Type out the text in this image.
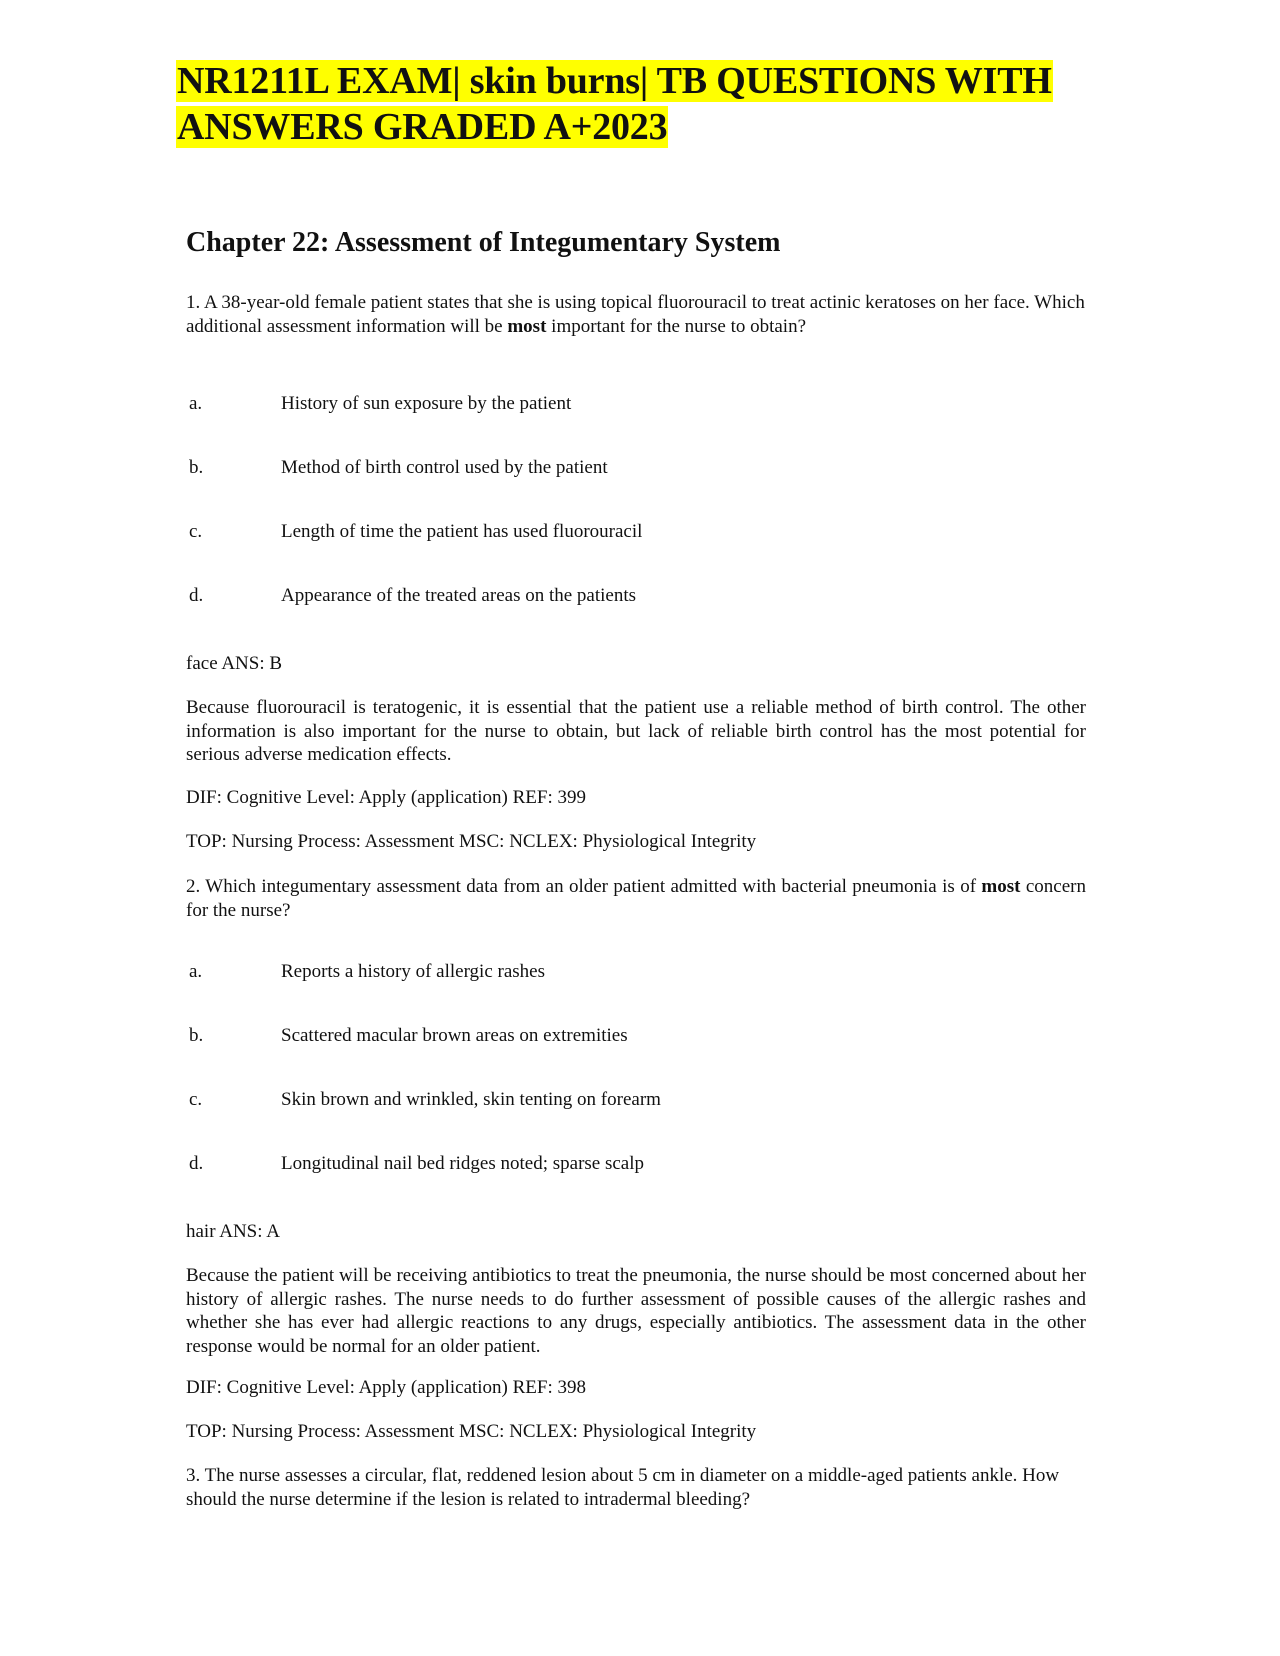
NR1211L EXAM| skin burns| TB QUESTIONS WITH
ANSWERS GRADED A+2023
Chapter 22: Assessment of Integumentary System

1. A 38-year-old female patient states that she is using topical fluorouracil to treat actinic keratoses on her face. Which additional assessment information will be most important for the nurse to obtain?

a.	History of sun exposure by the patient

b.	Method of birth control used by the patient

c.	Length of time the patient has used fluorouracil

d.	Appearance of the treated areas on the patients

face ANS: B

Because fluorouracil is teratogenic, it is essential that the patient use a reliable method of birth control. The other information is also important for the nurse to obtain, but lack of reliable birth control has the most potential for serious adverse medication effects.

DIF: Cognitive Level: Apply (application) REF: 399

TOP: Nursing Process: Assessment MSC: NCLEX: Physiological Integrity

2. Which integumentary assessment data from an older patient admitted with bacterial pneumonia is of most concern for the nurse?

a.	Reports a history of allergic rashes

b.	Scattered macular brown areas on extremities

c.	Skin brown and wrinkled, skin tenting on forearm

d.	Longitudinal nail bed ridges noted; sparse scalp

hair ANS: A

Because the patient will be receiving antibiotics to treat the pneumonia, the nurse should be most concerned about her history of allergic rashes. The nurse needs to do further assessment of possible causes of the allergic rashes and whether she has ever had allergic reactions to any drugs, especially antibiotics. The assessment data in the other response would be normal for an older patient.

DIF: Cognitive Level: Apply (application) REF: 398

TOP: Nursing Process: Assessment MSC: NCLEX: Physiological Integrity

3. The nurse assesses a circular, flat, reddened lesion about 5 cm in diameter on a middle-aged patients ankle. How should the nurse determine if the lesion is related to intradermal bleeding?
